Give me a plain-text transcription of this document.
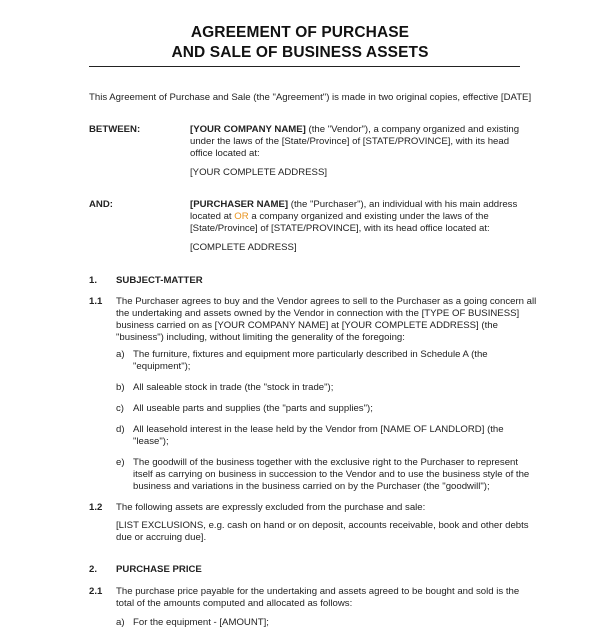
AGREEMENT OF PURCHASE
AND SALE OF BUSINESS ASSETS
This Agreement of Purchase and Sale (the "Agreement") is made in two original copies, effective [DATE]
BETWEEN:	[YOUR COMPANY NAME] (the "Vendor"), a company organized and existing
under the laws of the [State/Province] of [STATE/PROVINCE], with its head
office located at:
[YOUR COMPLETE ADDRESS]
AND:	[PURCHASER NAME] (the "Purchaser"), an individual with his main address
located at OR a company organized and existing under the laws of the
[State/Province] of [STATE/PROVINCE], with its head office located at:
[COMPLETE ADDRESS]
1. SUBJECT-MATTER
1.1 The Purchaser agrees to buy and the Vendor agrees to sell to the Purchaser as a going concern all
the undertaking and assets owned by the Vendor in connection with the [TYPE OF BUSINESS]
business carried on as [YOUR COMPANY NAME] at [YOUR COMPLETE ADDRESS] (the
"business") including, without limiting the generality of the foregoing:
a) The furniture, fixtures and equipment more particularly described in Schedule A (the
"equipment");
b) All saleable stock in trade (the "stock in trade");
c) All useable parts and supplies (the "parts and supplies");
d) All leasehold interest in the lease held by the Vendor from [NAME OF LANDLORD] (the
"lease");
e) The goodwill of the business together with the exclusive right to the Purchaser to represent
itself as carrying on business in succession to the Vendor and to use the business style of the
business and variations in the business carried on by the Purchaser (the "goodwill");
1.2 The following assets are expressly excluded from the purchase and sale:
[LIST EXCLUSIONS, e.g. cash on hand or on deposit, accounts receivable, book and other debts
due or accruing due].
2. PURCHASE PRICE
2.1 The purchase price payable for the undertaking and assets agreed to be bought and sold is the
total of the amounts computed and allocated as follows:
a) For the equipment - [AMOUNT];
